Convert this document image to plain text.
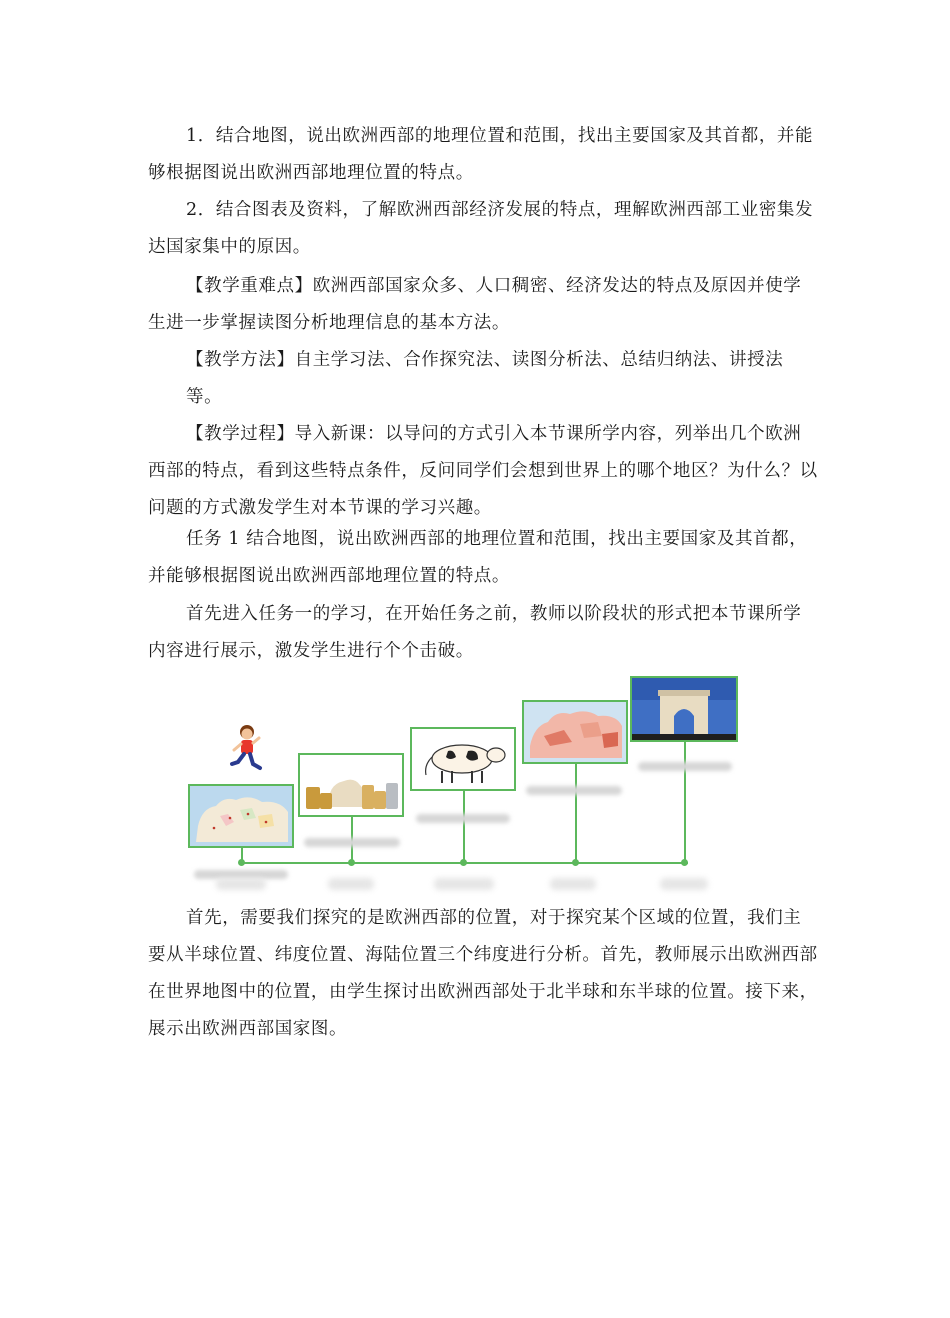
1．结合地图，说出欧洲西部的地理位置和范围，找出主要国家及其首都，并能够根据图说出欧洲西部地理位置的特点。

2．结合图表及资料，了解欧洲西部经济发展的特点，理解欧洲西部工业密集发达国家集中的原因。

【教学重难点】欧洲西部国家众多、人口稠密、经济发达的特点及原因并使学生进一步掌握读图分析地理信息的基本方法。

【教学方法】自主学习法、合作探究法、读图分析法、总结归纳法、讲授法

等。

【教学过程】导入新课：以导问的方式引入本节课所学内容，列举出几个欧洲西部的特点，看到这些特点条件，反问同学们会想到世界上的哪个地区？为什么？以问题的方式激发学生对本节课的学习兴趣。

任务 1 结合地图，说出欧洲西部的地理位置和范围，找出主要国家及其首都，并能够根据图说出欧洲西部地理位置的特点。

首先进入任务一的学习，在开始任务之前，教师以阶段状的形式把本节课所学内容进行展示，激发学生进行个个击破。

首先，需要我们探究的是欧洲西部的位置，对于探究某个区域的位置，我们主要从半球位置、纬度位置、海陆位置三个纬度进行分析。首先，教师展示出欧洲西部在世界地图中的位置，由学生探讨出欧洲西部处于北半球和东半球的位置。接下来，展示出欧洲西部国家图。
